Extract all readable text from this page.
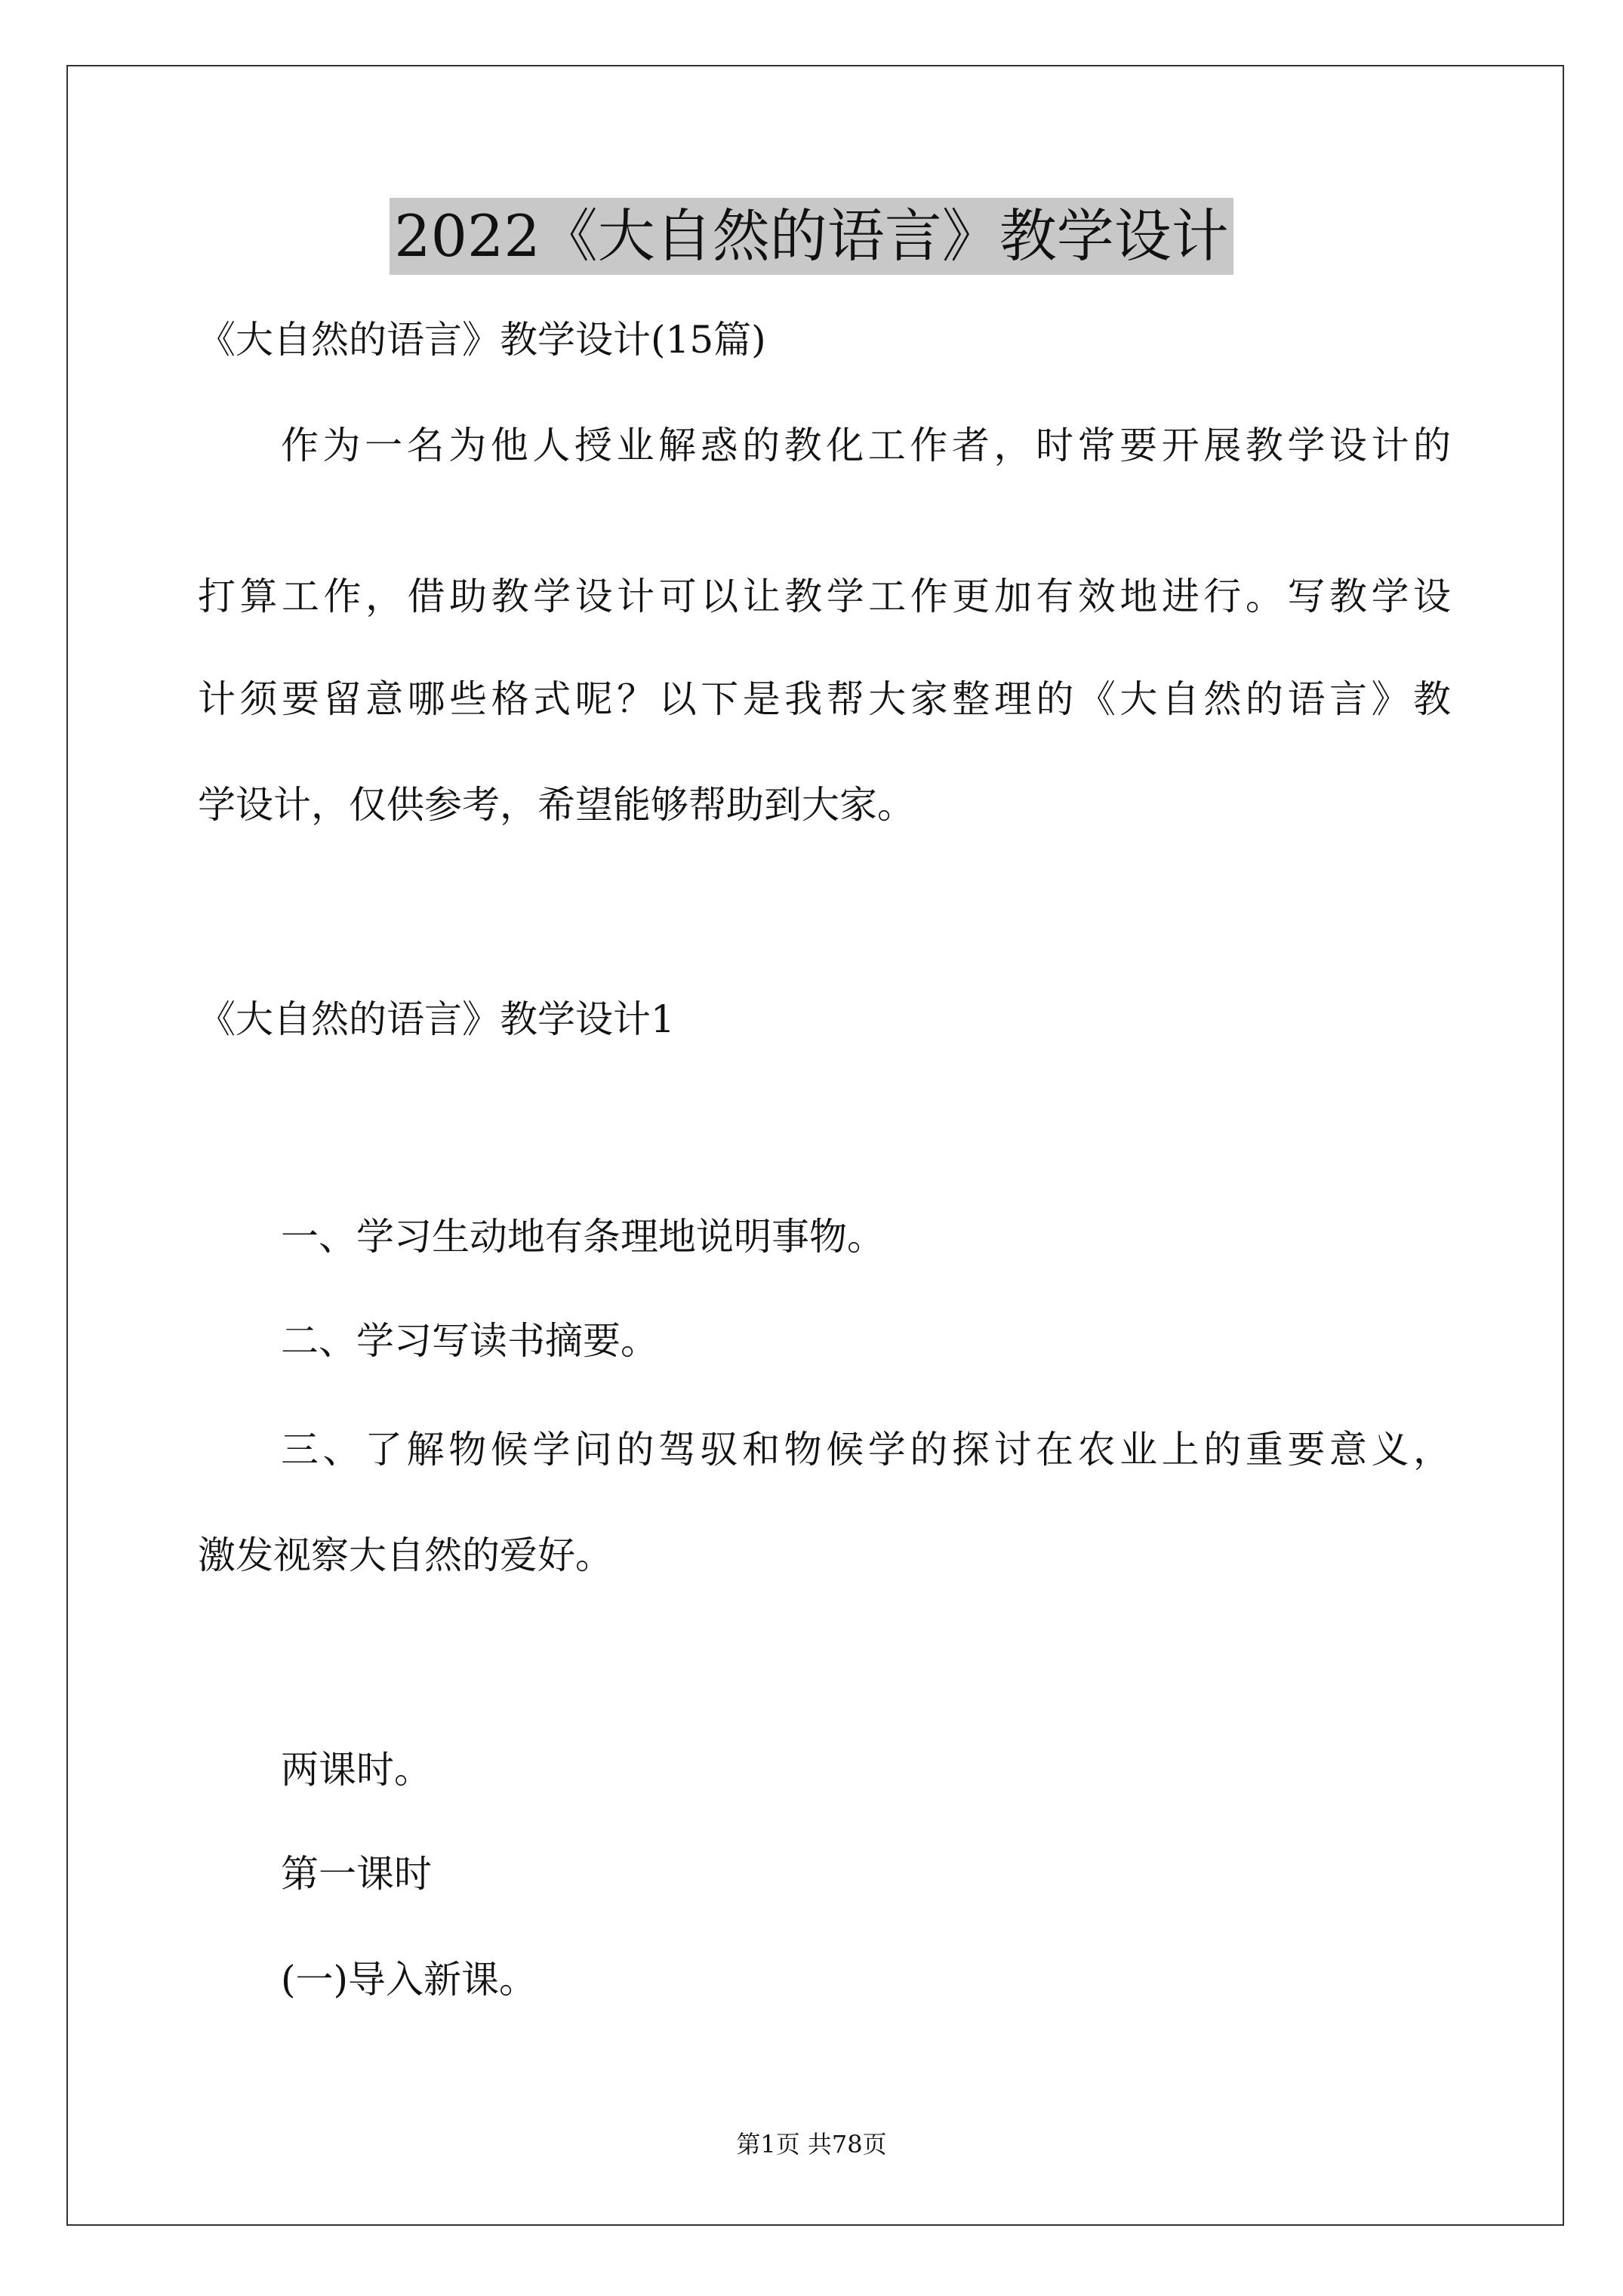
2022《大自然的语言》教学设计
《大自然的语言》教学设计(15篇)
作为一名为他人授业解惑的教化工作者，时常要开展教学设计的
打算工作，借助教学设计可以让教学工作更加有效地进行。写教学设
计须要留意哪些格式呢？以下是我帮大家整理的《大自然的语言》教
学设计，仅供参考，希望能够帮助到大家。
《大自然的语言》教学设计1
一、学习生动地有条理地说明事物。
二、学习写读书摘要。
三、了解物候学问的驾驭和物候学的探讨在农业上的重要意义，
激发视察大自然的爱好。
两课时。
第一课时
(一)导入新课。
第1页 共78页
